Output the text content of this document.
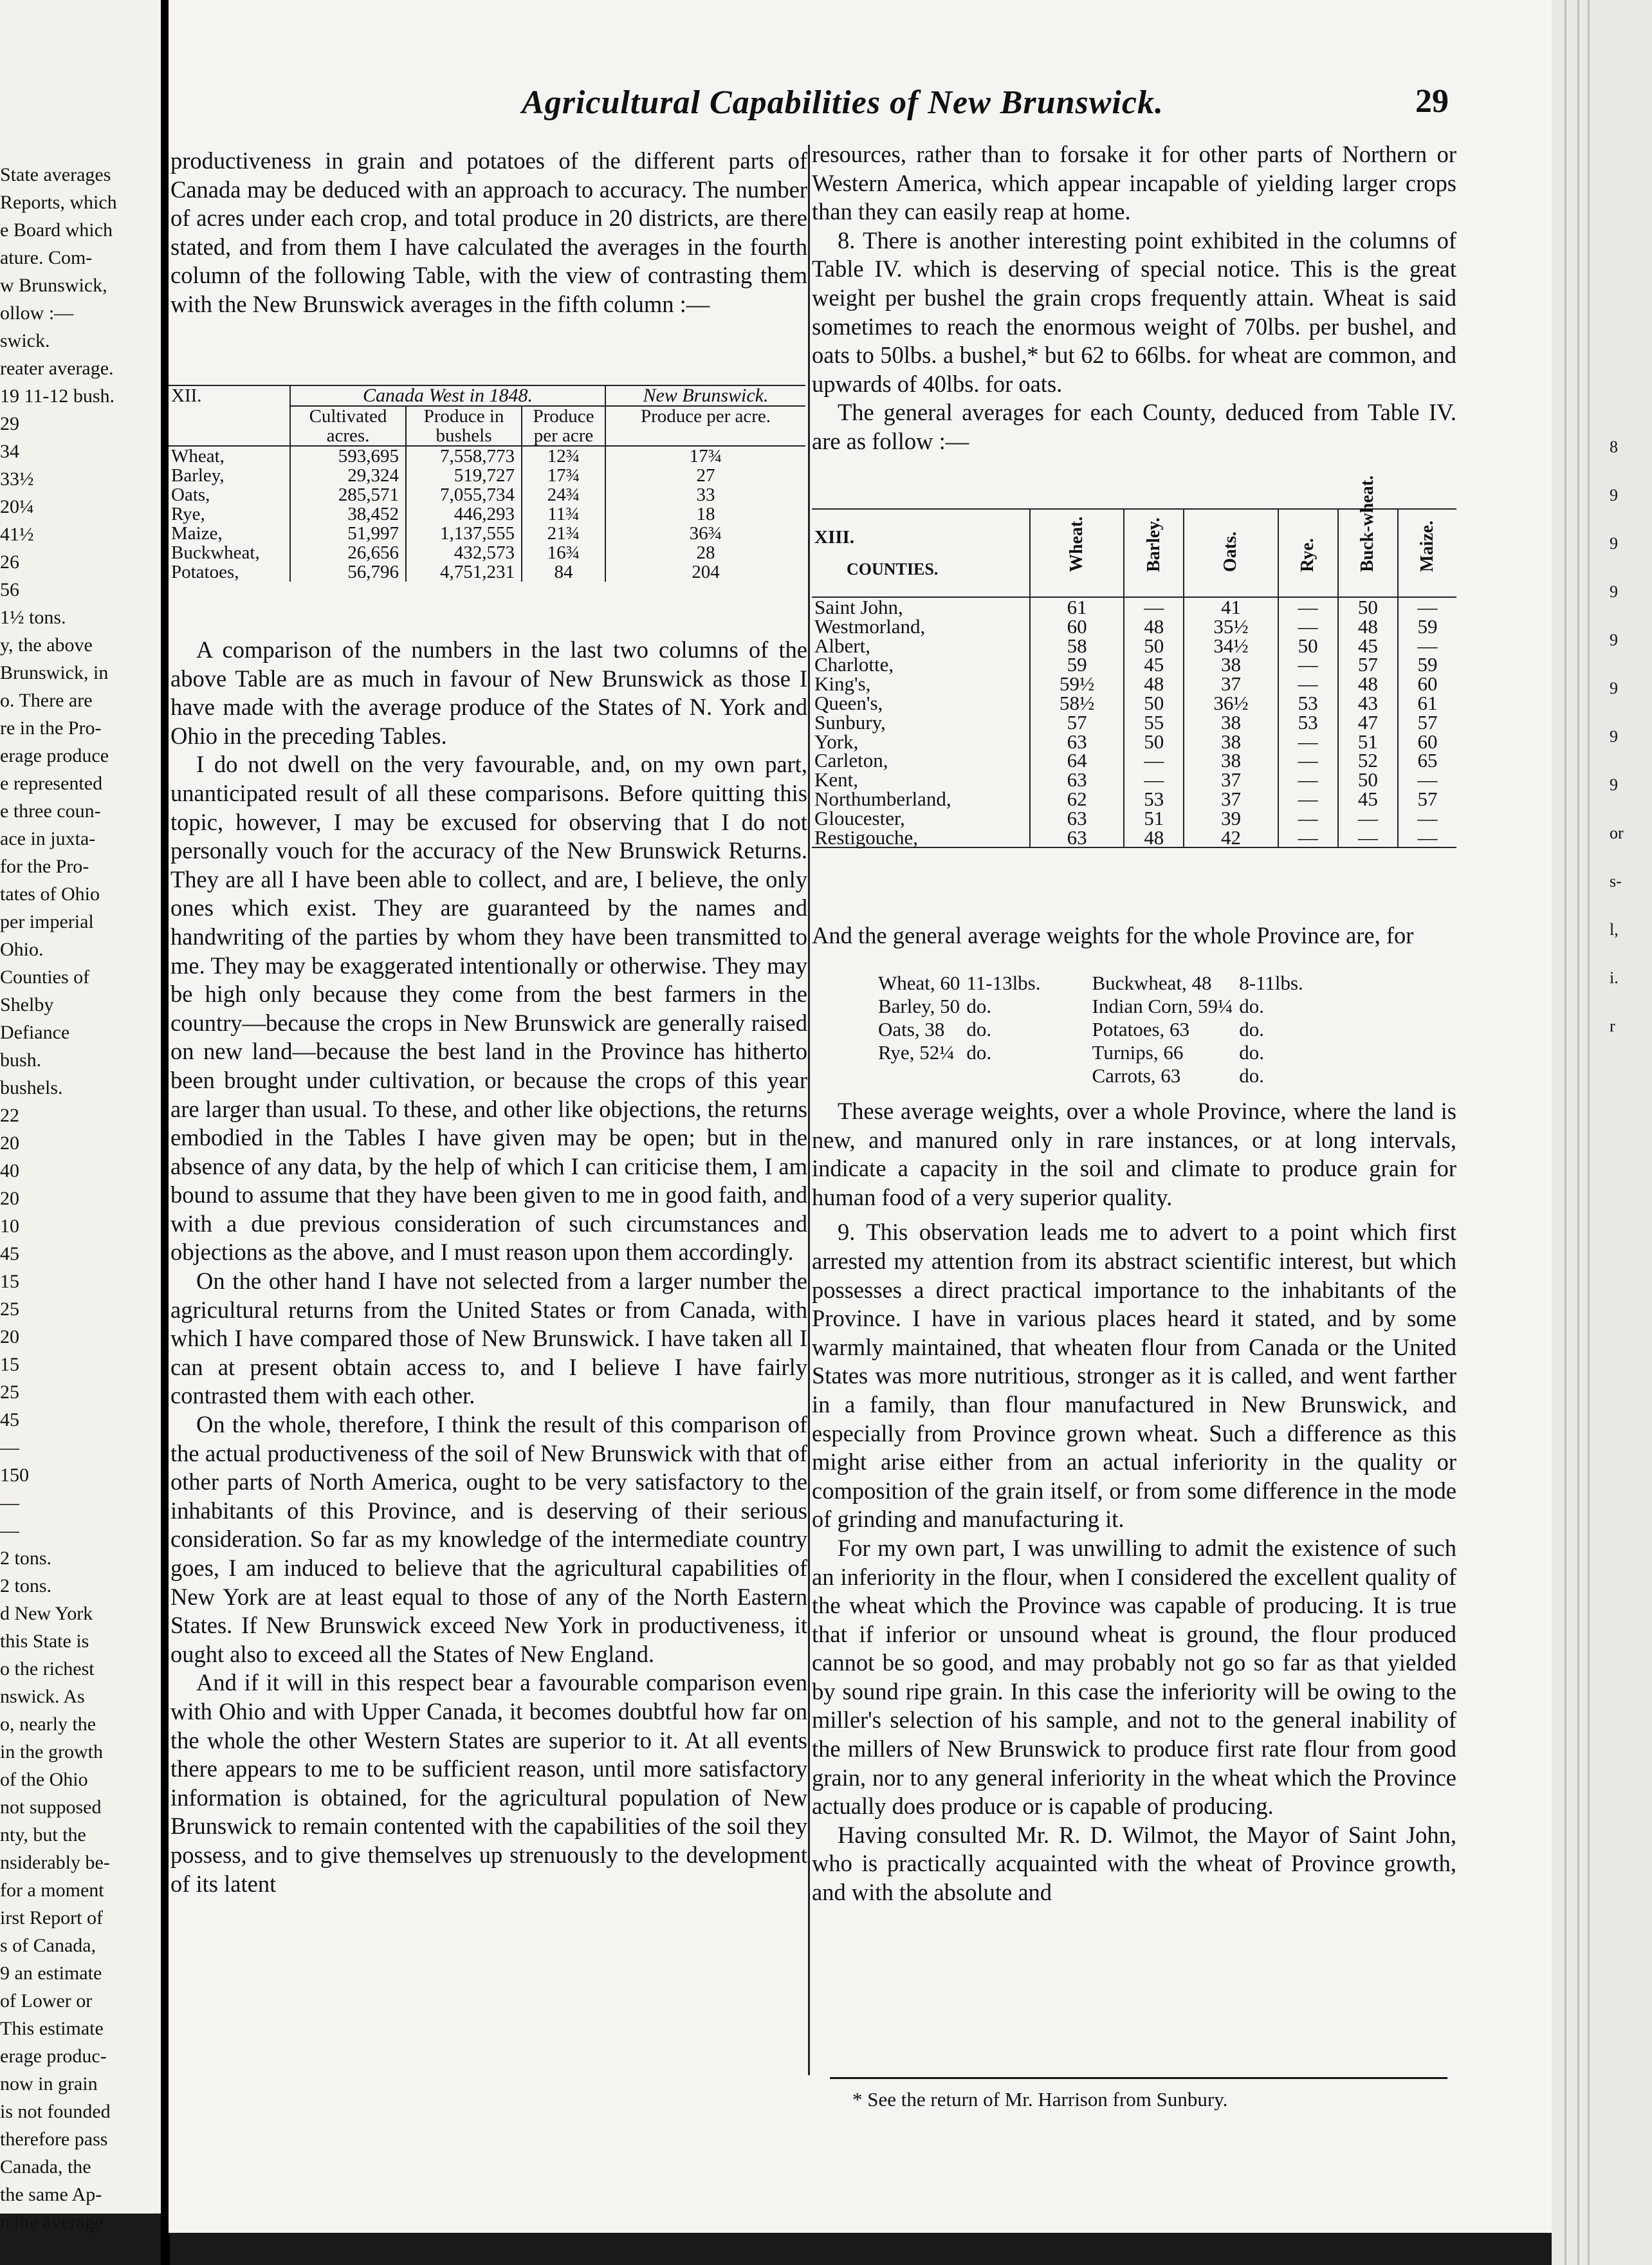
State averages
Reports, which
e Board which
ature. Com-
w Brunswick,
ollow :—
swick.
reater average.
19 11-12 bush.
29
34
33½
20¼
41½
26
56
1½ tons.
y, the above
Brunswick, in
o. There are
re in the Pro-
erage produce
e represented
e three coun-
ace in juxta-
for the Pro-
tates of Ohio
per imperial
Ohio.
Counties of
Shelby
Defiance
bush.
bushels.
22
20
40
20
10
45
15
25
20
15
25
45
—
150
—
—
2 tons.
2 tons.
d New York
this State is
o the richest
nswick. As
o, nearly the
in the growth
of the Ohio
not supposed
nty, but the
nsiderably be-
for a moment
irst Report of
s of Canada,
9 an estimate
of Lower or
This estimate
erage produc-
now in grain
is not founded
therefore pass
Canada, the
the same Ap-
n the average
Agricultural Capabilities of New Brunswick.	29

productiveness in grain and potatoes of the different parts of Canada may be deduced with an approach to accuracy. The number of acres under each crop, and total produce in 20 districts, are there stated, and from them I have calculated the averages in the fourth column of the following Table, with the view of contrasting them with the New Brunswick averages in the fifth column :—

XII.	Canada West in 1848.			New Brunswick.
	Cultivated acres.	Produce in bushels	Produce per acre	Produce per acre.
Wheat,	593,695	7,558,773	12¾	17¾
Barley,	29,324	519,727	17¾	27
Oats,	285,571	7,055,734	24¾	33
Rye,	38,452	446,293	11¾	18
Maize,	51,997	1,137,555	21¾	36¾
Buckwheat,	26,656	432,573	16¾	28
Potatoes,	56,796	4,751,231	84	204

A comparison of the numbers in the last two columns of the above Table are as much in favour of New Brunswick as those I have made with the average produce of the States of N. York and Ohio in the preceding Tables.

I do not dwell on the very favourable, and, on my own part, unanticipated result of all these comparisons. Before quitting this topic, however, I may be excused for observing that I do not personally vouch for the accuracy of the New Brunswick Returns. They are all I have been able to collect, and are, I believe, the only ones which exist. They are guaranteed by the names and handwriting of the parties by whom they have been transmitted to me. They may be exaggerated intentionally or otherwise. They may be high only because they come from the best farmers in the country—because the crops in New Brunswick are generally raised on new land—because the best land in the Province has hitherto been brought under cultivation, or because the crops of this year are larger than usual. To these, and other like objections, the returns embodied in the Tables I have given may be open; but in the absence of any data, by the help of which I can criticise them, I am bound to assume that they have been given to me in good faith, and with a due previous consideration of such circumstances and objections as the above, and I must reason upon them accordingly.

On the other hand I have not selected from a larger number the agricultural returns from the United States or from Canada, with which I have compared those of New Brunswick. I have taken all I can at present obtain access to, and I believe I have fairly contrasted them with each other.

On the whole, therefore, I think the result of this comparison of the actual productiveness of the soil of New Brunswick with that of other parts of North America, ought to be very satisfactory to the inhabitants of this Province, and is deserving of their serious consideration. So far as my knowledge of the intermediate country goes, I am induced to believe that the agricultural capabilities of New York are at least equal to those of any of the North Eastern States. If New Brunswick exceed New York in productiveness, it ought also to exceed all the States of New England.

And if it will in this respect bear a favourable comparison even with Ohio and with Upper Canada, it becomes doubtful how far on the whole the other Western States are superior to it. At all events there appears to me to be sufficient reason, until more satisfactory information is obtained, for the agricultural population of New Brunswick to remain contented with the capabilities of the soil they possess, and to give themselves up strenuously to the development of its latent

resources, rather than to forsake it for other parts of Northern or Western America, which appear incapable of yielding larger crops than they can easily reap at home.

8. There is another interesting point exhibited in the columns of Table IV. which is deserving of special notice. This is the great weight per bushel the grain crops frequently attain. Wheat is said sometimes to reach the enormous weight of 70lbs. per bushel, and oats to 50lbs. a bushel,* but 62 to 66lbs. for wheat are common, and upwards of 40lbs. for oats.

The general averages for each County, deduced from Table IV. are as follow :—

XIII.
COUNTIES.	Wheat.	Barley.	Oats.	Rye.	Buck-wheat.	Maize.

Saint John,	61	—	41	—	50	—
Westmorland,	60	48	35½	—	48	59
Albert,	58	50	34½	50	45	—
Charlotte,	59	45	38	—	57	59
King's,	59½	48	37	—	48	60
Queen's,	58½	50	36½	53	43	61
Sunbury,	57	55	38	53	47	57
York,	63	50	38	—	51	60
Carleton,	64	—	38	—	52	65
Kent,	63	—	37	—	50	—
Northumberland,	62	53	37	—	45	57
Gloucester,	63	51	39	—	—	—
Restigouche,	63	48	42	—	—	—

And the general average weights for the whole Province are, for

Wheat, 60	11-13lbs.	Buckwheat, 48	8-11lbs.
Barley, 50	do.	Indian Corn, 59¼	do.
Oats, 38	do.	Potatoes, 63	do.
Rye, 52¼	do.	Turnips, 66	do.
		Carrots, 63	do.

These average weights, over a whole Province, where the land is new, and manured only in rare instances, or at long intervals, indicate a capacity in the soil and climate to produce grain for human food of a very superior quality.

9. This observation leads me to advert to a point which first arrested my attention from its abstract scientific interest, but which possesses a direct practical importance to the inhabitants of the Province. I have in various places heard it stated, and by some warmly maintained, that wheaten flour from Canada or the United States was more nutritious, stronger as it is called, and went farther in a family, than flour manufactured in New Brunswick, and especially from Province grown wheat. Such a difference as this might arise either from an actual inferiority in the quality or composition of the grain itself, or from some difference in the mode of grinding and manufacturing it.

For my own part, I was unwilling to admit the existence of such an inferiority in the flour, when I considered the excellent quality of the wheat which the Province was capable of producing. It is true that if inferior or unsound wheat is ground, the flour produced cannot be so good, and may probably not go so far as that yielded by sound ripe grain. In this case the inferiority will be owing to the miller's selection of his sample, and not to the general inability of the millers of New Brunswick to produce first rate flour from good grain, nor to any general inferiority in the wheat which the Province actually does produce or is capable of producing.

Having consulted Mr. R. D. Wilmot, the Mayor of Saint John, who is practically acquainted with the wheat of Province growth, and with the absolute and

* See the return of Mr. Harrison from Sunbury.
8
9
9
9
9
9
9
9
or
s-
l,
i.
r
